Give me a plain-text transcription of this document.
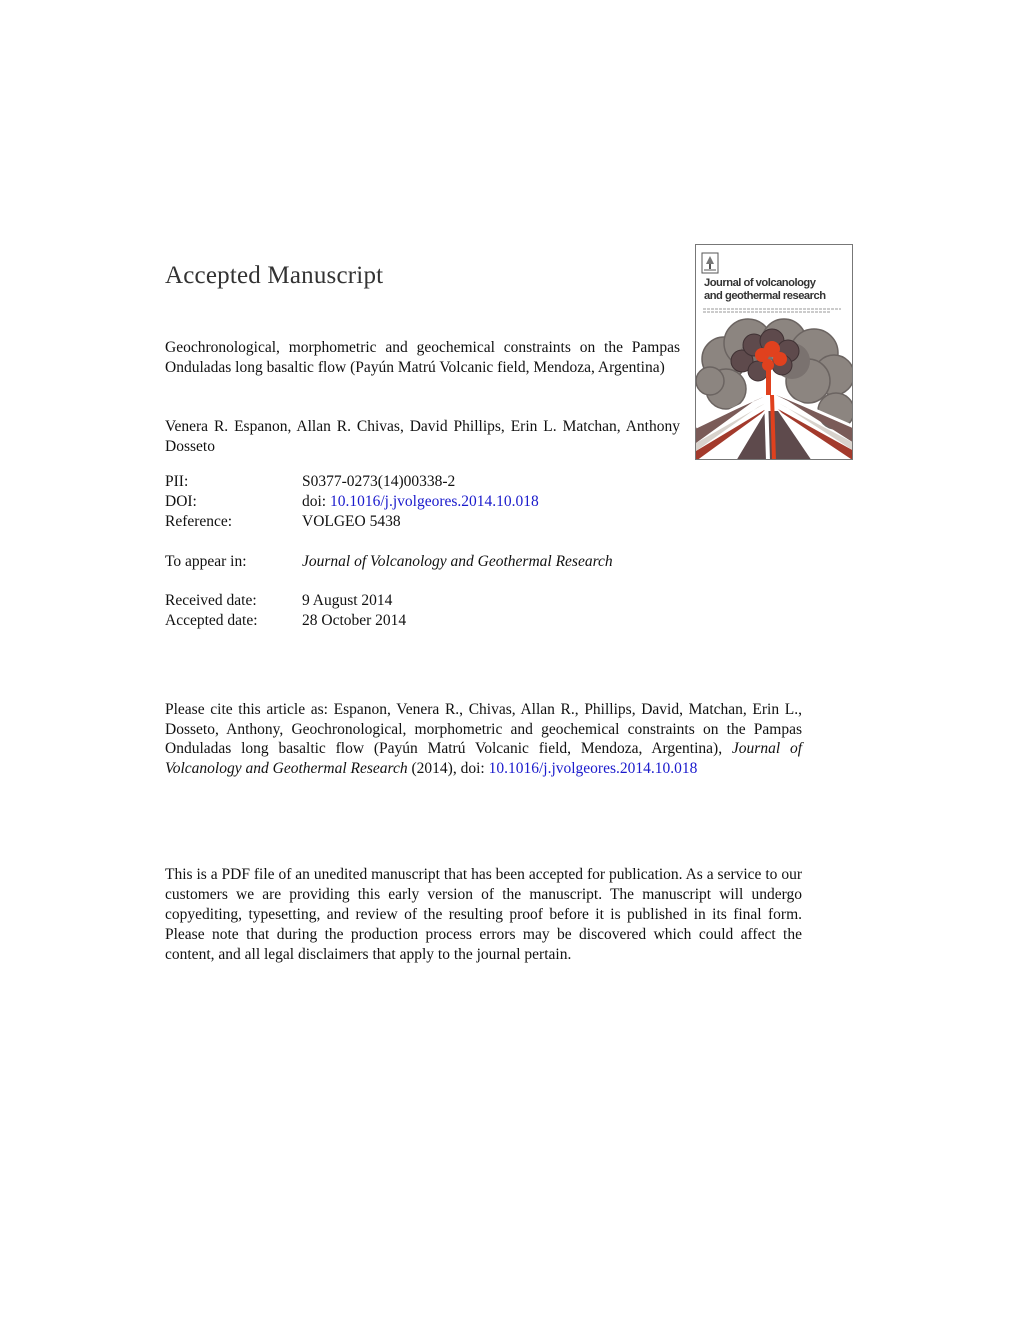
Accepted Manuscript	Journal of volcanology
and geothermal research
Geochronological, morphometric and geochemical constraints on the Pampas Onduladas long basaltic flow (Payún Matrú Volcanic field, Mendoza, Argentina)
Venera R. Espanon, Allan R. Chivas, David Phillips, Erin L. Matchan, Anthony Dosseto
PII:	S0377-0273(14)00338-2
DOI:	doi: 10.1016/j.jvolgeores.2014.10.018
Reference:	VOLGEO 5438
To appear in:	Journal of Volcanology and Geothermal Research
Received date:	9 August 2014
Accepted date:	28 October 2014
Please cite this article as: Espanon, Venera R., Chivas, Allan R., Phillips, David, Matchan, Erin L., Dosseto, Anthony, Geochronological, morphometric and geochemical constraints on the Pampas Onduladas long basaltic flow (Payún Matrú Volcanic field, Mendoza, Argentina), Journal of Volcanology and Geothermal Research (2014), doi: 10.1016/j.jvolgeores.2014.10.018
This is a PDF file of an unedited manuscript that has been accepted for publication. As a service to our customers we are providing this early version of the manuscript. The manuscript will undergo copyediting, typesetting, and review of the resulting proof before it is published in its final form. Please note that during the production process errors may be discovered which could affect the content, and all legal disclaimers that apply to the journal pertain.
